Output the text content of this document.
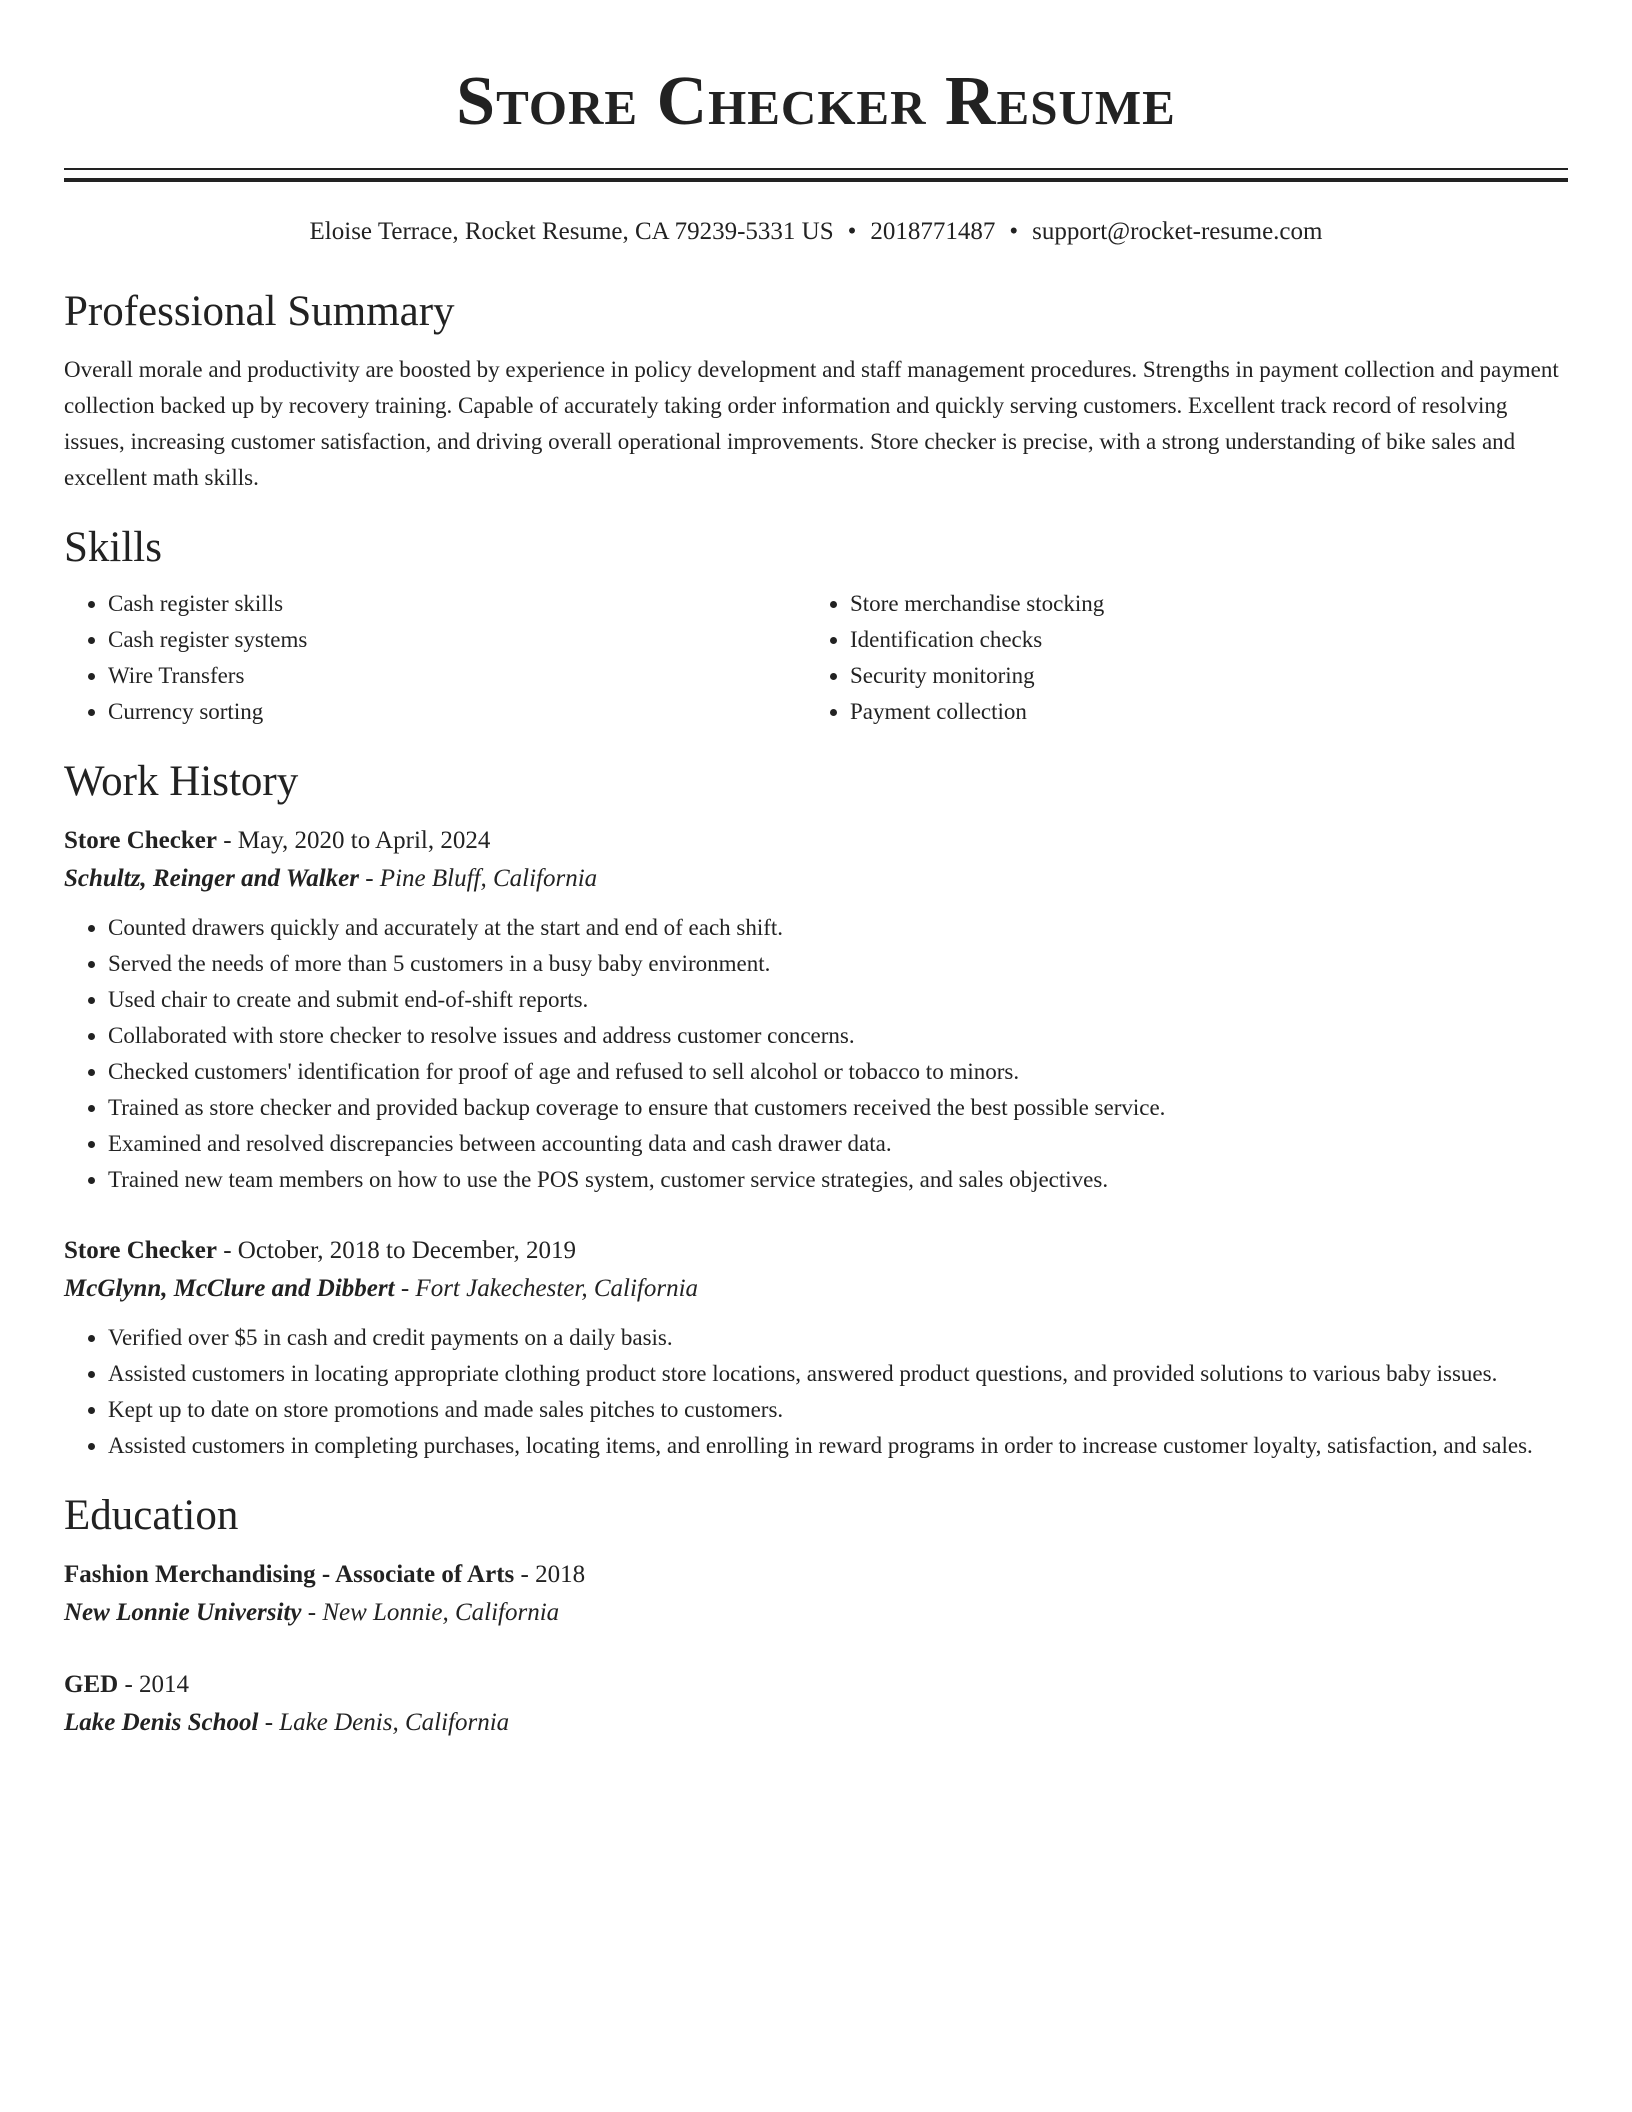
Store Checker Resume
Eloise Terrace, Rocket Resume, CA 79239-5331 US • 2018771487 • support@rocket-resume.com
Professional Summary

Overall morale and productivity are boosted by experience in policy development and staff management procedures. Strengths in payment collection and payment collection backed up by recovery training. Capable of accurately taking order information and quickly serving customers. Excellent track record of resolving issues, increasing customer satisfaction, and driving overall operational improvements. Store checker is precise, with a strong understanding of bike sales and excellent math skills.

Skills
• Cash register skills
• Cash register systems
• Wire Transfers
• Currency sorting
• Store merchandise stocking
• Identification checks
• Security monitoring
• Payment collection
Work History
Store Checker - May, 2020 to April, 2024
Schultz, Reinger and Walker - Pine Bluff, California
• Counted drawers quickly and accurately at the start and end of each shift.
• Served the needs of more than 5 customers in a busy baby environment.
• Used chair to create and submit end-of-shift reports.
• Collaborated with store checker to resolve issues and address customer concerns.
• Checked customers' identification for proof of age and refused to sell alcohol or tobacco to minors.
• Trained as store checker and provided backup coverage to ensure that customers received the best possible service.
• Examined and resolved discrepancies between accounting data and cash drawer data.
• Trained new team members on how to use the POS system, customer service strategies, and sales objectives.
Store Checker - October, 2018 to December, 2019
McGlynn, McClure and Dibbert - Fort Jakechester, California
• Verified over $5 in cash and credit payments on a daily basis.
• Assisted customers in locating appropriate clothing product store locations, answered product questions, and provided solutions to various baby issues.
• Kept up to date on store promotions and made sales pitches to customers.
• Assisted customers in completing purchases, locating items, and enrolling in reward programs in order to increase customer loyalty, satisfaction, and sales.
Education
Fashion Merchandising - Associate of Arts - 2018
New Lonnie University - New Lonnie, California
GED - 2014
Lake Denis School - Lake Denis, California
